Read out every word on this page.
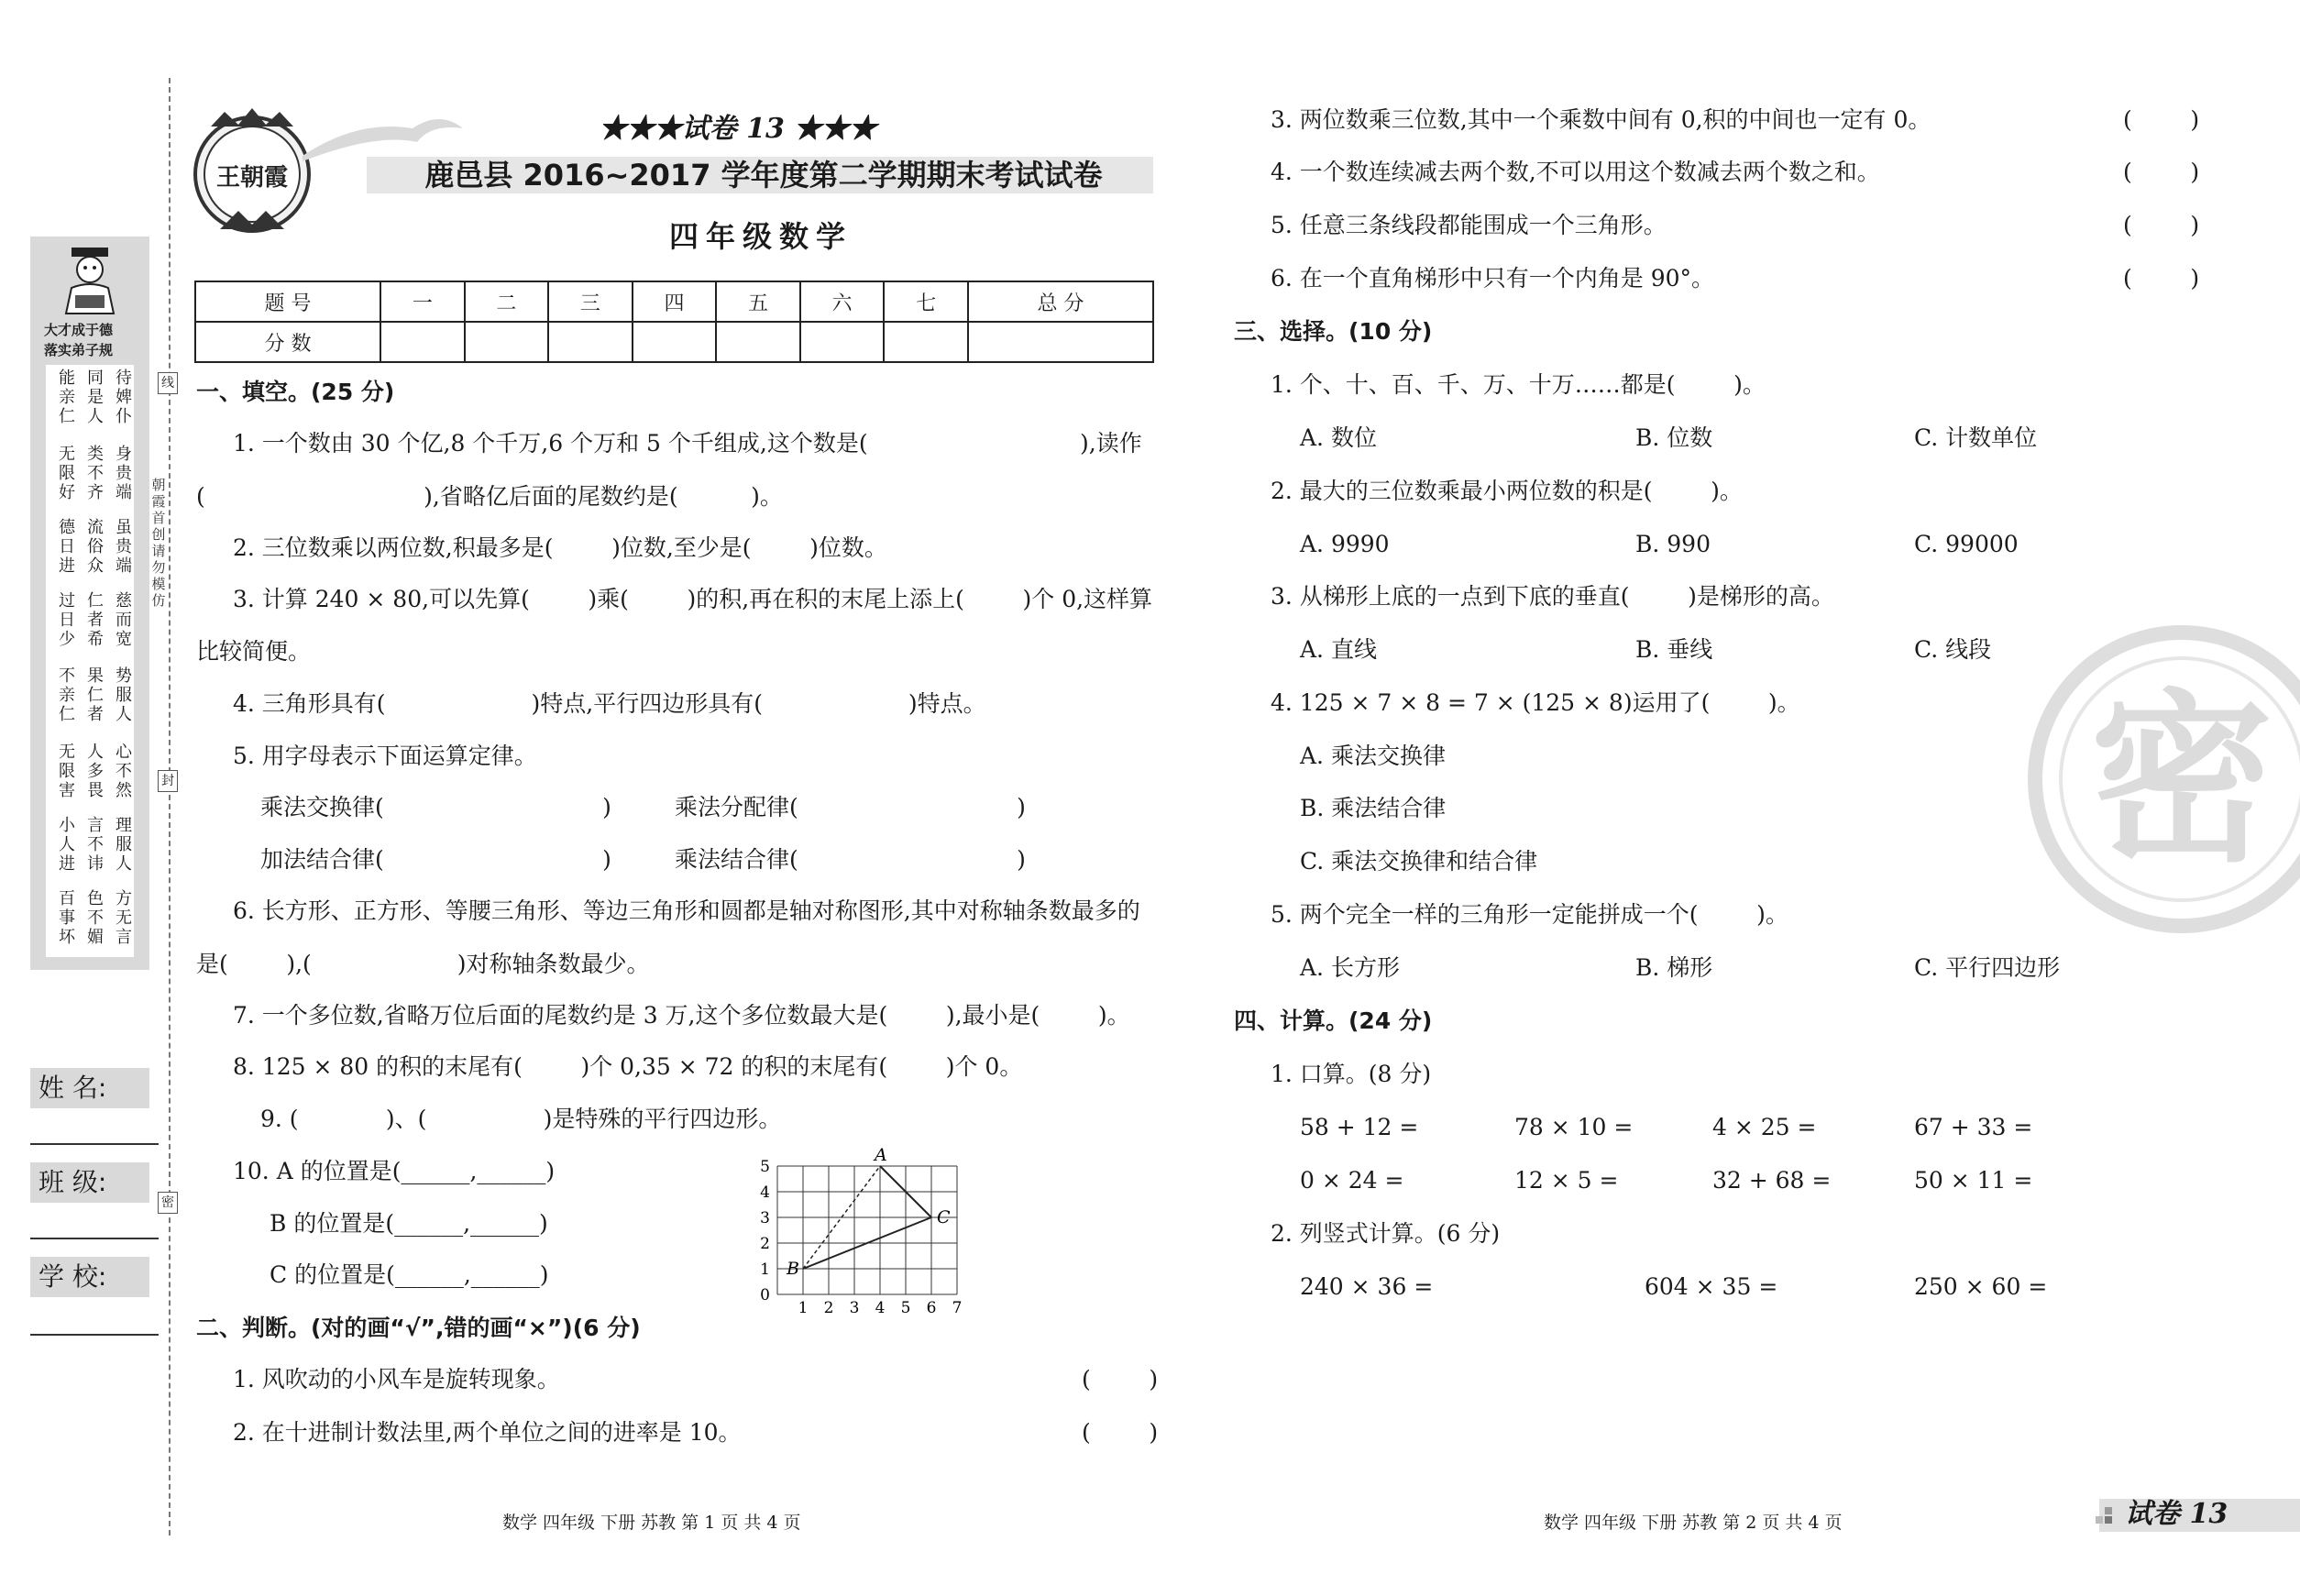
大才成于德
落实弟子规
能亲仁
同是人
待婢仆
无限好
类不齐
身贵端
德日进
流俗众
虽贵端
过日少
仁者希
慈而宽
不亲仁
果仁者
势服人
无限害
人多畏
心不然
小人进
言不讳
理服人
百事坏
色不媚
方无言
姓 名:
班 级:
学 校:
朝霞首创 请勿模仿
线
封
密
王朝霞
★★★试卷 13 ★★★
鹿邑县 2016~2017 学年度第二学期期末考试试卷
四年级数学
题 号	一	二	三	四	五	六	七	总 分
分 数								
一、填空。(25 分)
1. 一个数由 30 个亿,8 个千万,6 个万和 5 个千组成,这个数是(	),读作
(                              ),省略亿后面的尾数约是(          )。
2. 三位数乘以两位数,积最多是(        )位数,至少是(        )位数。
3. 计算 240 × 80,可以先算(        )乘(        )的积,再在积的末尾上添上(        )个 0,这样算
比较简便。
4. 三角形具有(                    )特点,平行四边形具有(                    )特点。
5. 用字母表示下面运算定律。
乘法交换律(                              )	乘法分配律(                              )
加法结合律(                              )	乘法结合律(                              )
6. 长方形、正方形、等腰三角形、等边三角形和圆都是轴对称图形,其中对称轴条数最多的
是(        ),(                    )对称轴条数最少。
7. 一个多位数,省略万位后面的尾数约是 3 万,这个多位数最大是(        ),最小是(        )。
8. 125 × 80 的积的末尾有(        )个 0,35 × 72 的积的末尾有(        )个 0。
9. (            )、(                )是特殊的平行四边形。
10. A 的位置是(______,______)
B 的位置是(______,______)
C 的位置是(______,______)
1 2 3 4 5 6 7
0
1
2
3
4
5
A
B
C
二、判断。(对的画“√”,错的画“×”)(6 分)
1. 风吹动的小风车是旋转现象。	(        )
2. 在十进制计数法里,两个单位之间的进率是 10。	(        )
数学 四年级 下册 苏教 第 1 页 共 4 页
3. 两位数乘三位数,其中一个乘数中间有 0,积的中间也一定有 0。	(        )
4. 一个数连续减去两个数,不可以用这个数减去两个数之和。	(        )
5. 任意三条线段都能围成一个三角形。	(        )
6. 在一个直角梯形中只有一个内角是 90°。	(        )
三、选择。(10 分)
1. 个、十、百、千、万、十万……都是(        )。
A. 数位	B. 位数	C. 计数单位
2. 最大的三位数乘最小两位数的积是(        )。
A. 9990	B. 990	C. 99000
3. 从梯形上底的一点到下底的垂直(        )是梯形的高。
A. 直线	B. 垂线	C. 线段
4. 125 × 7 × 8 = 7 × (125 × 8)运用了(        )。
A. 乘法交换律
B. 乘法结合律
C. 乘法交换律和结合律
5. 两个完全一样的三角形一定能拼成一个(        )。
A. 长方形	B. 梯形	C. 平行四边形
四、计算。(24 分)
1. 口算。(8 分)
58 + 12 =	78 × 10 =	4 × 25 =	67 + 33 =
0 × 24 =	12 × 5 =	32 + 68 =	50 × 11 =
2. 列竖式计算。(6 分)
240 × 36 =	604 × 35 =	250 × 60 =
密
数学 四年级 下册 苏教 第 2 页 共 4 页	试卷 13
